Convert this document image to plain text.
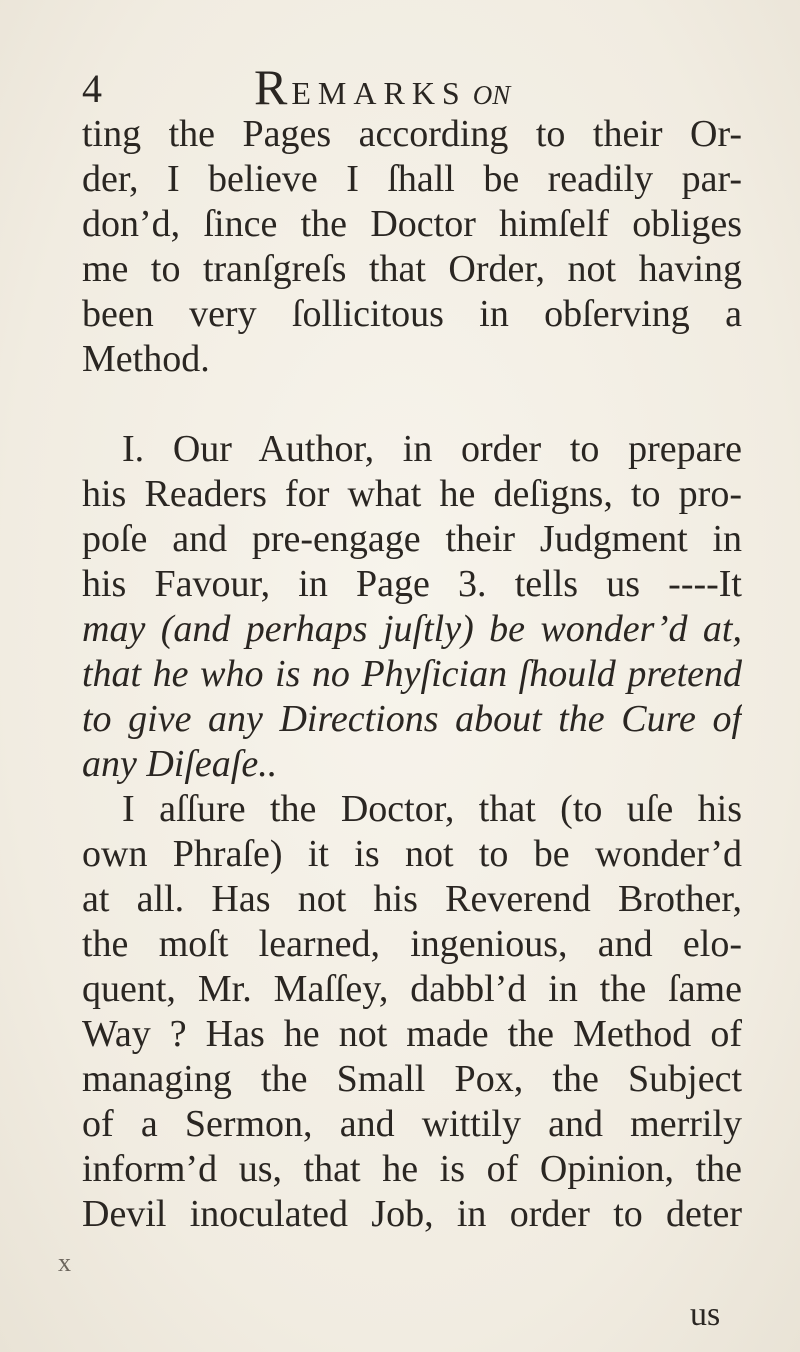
4	Remarks on
ting the Pages according to their Or-
der, I believe I ſhall be readily par-
don’d, ſince the Doctor himſelf obliges
me to tranſgreſs that Order, not having
been very ſollicitous in obſerving a
Method.
I. Our Author, in order to prepare
his Readers for what he deſigns, to pro-
poſe and pre-engage their Judgment in
his Favour, in Page 3. tells us ----It
may (and perhaps juſtly) be wonder’d at,
that he who is no Phyſician ſhould pretend
to give any Directions about the Cure of
any Diſeaſe..
I aſſure the Doctor, that (to uſe his
own Phraſe) it is not to be wonder’d
at all. Has not his Reverend Brother,
the moſt learned, ingenious, and elo-
quent, Mr. Maſſey, dabbl’d in the ſame
Way ? Has he not made the Method of
managing the Small Pox, the Subject
of a Sermon, and wittily and merrily
inform’d us, that he is of Opinion, the
Devil inoculated Job, in order to deter
x
us
